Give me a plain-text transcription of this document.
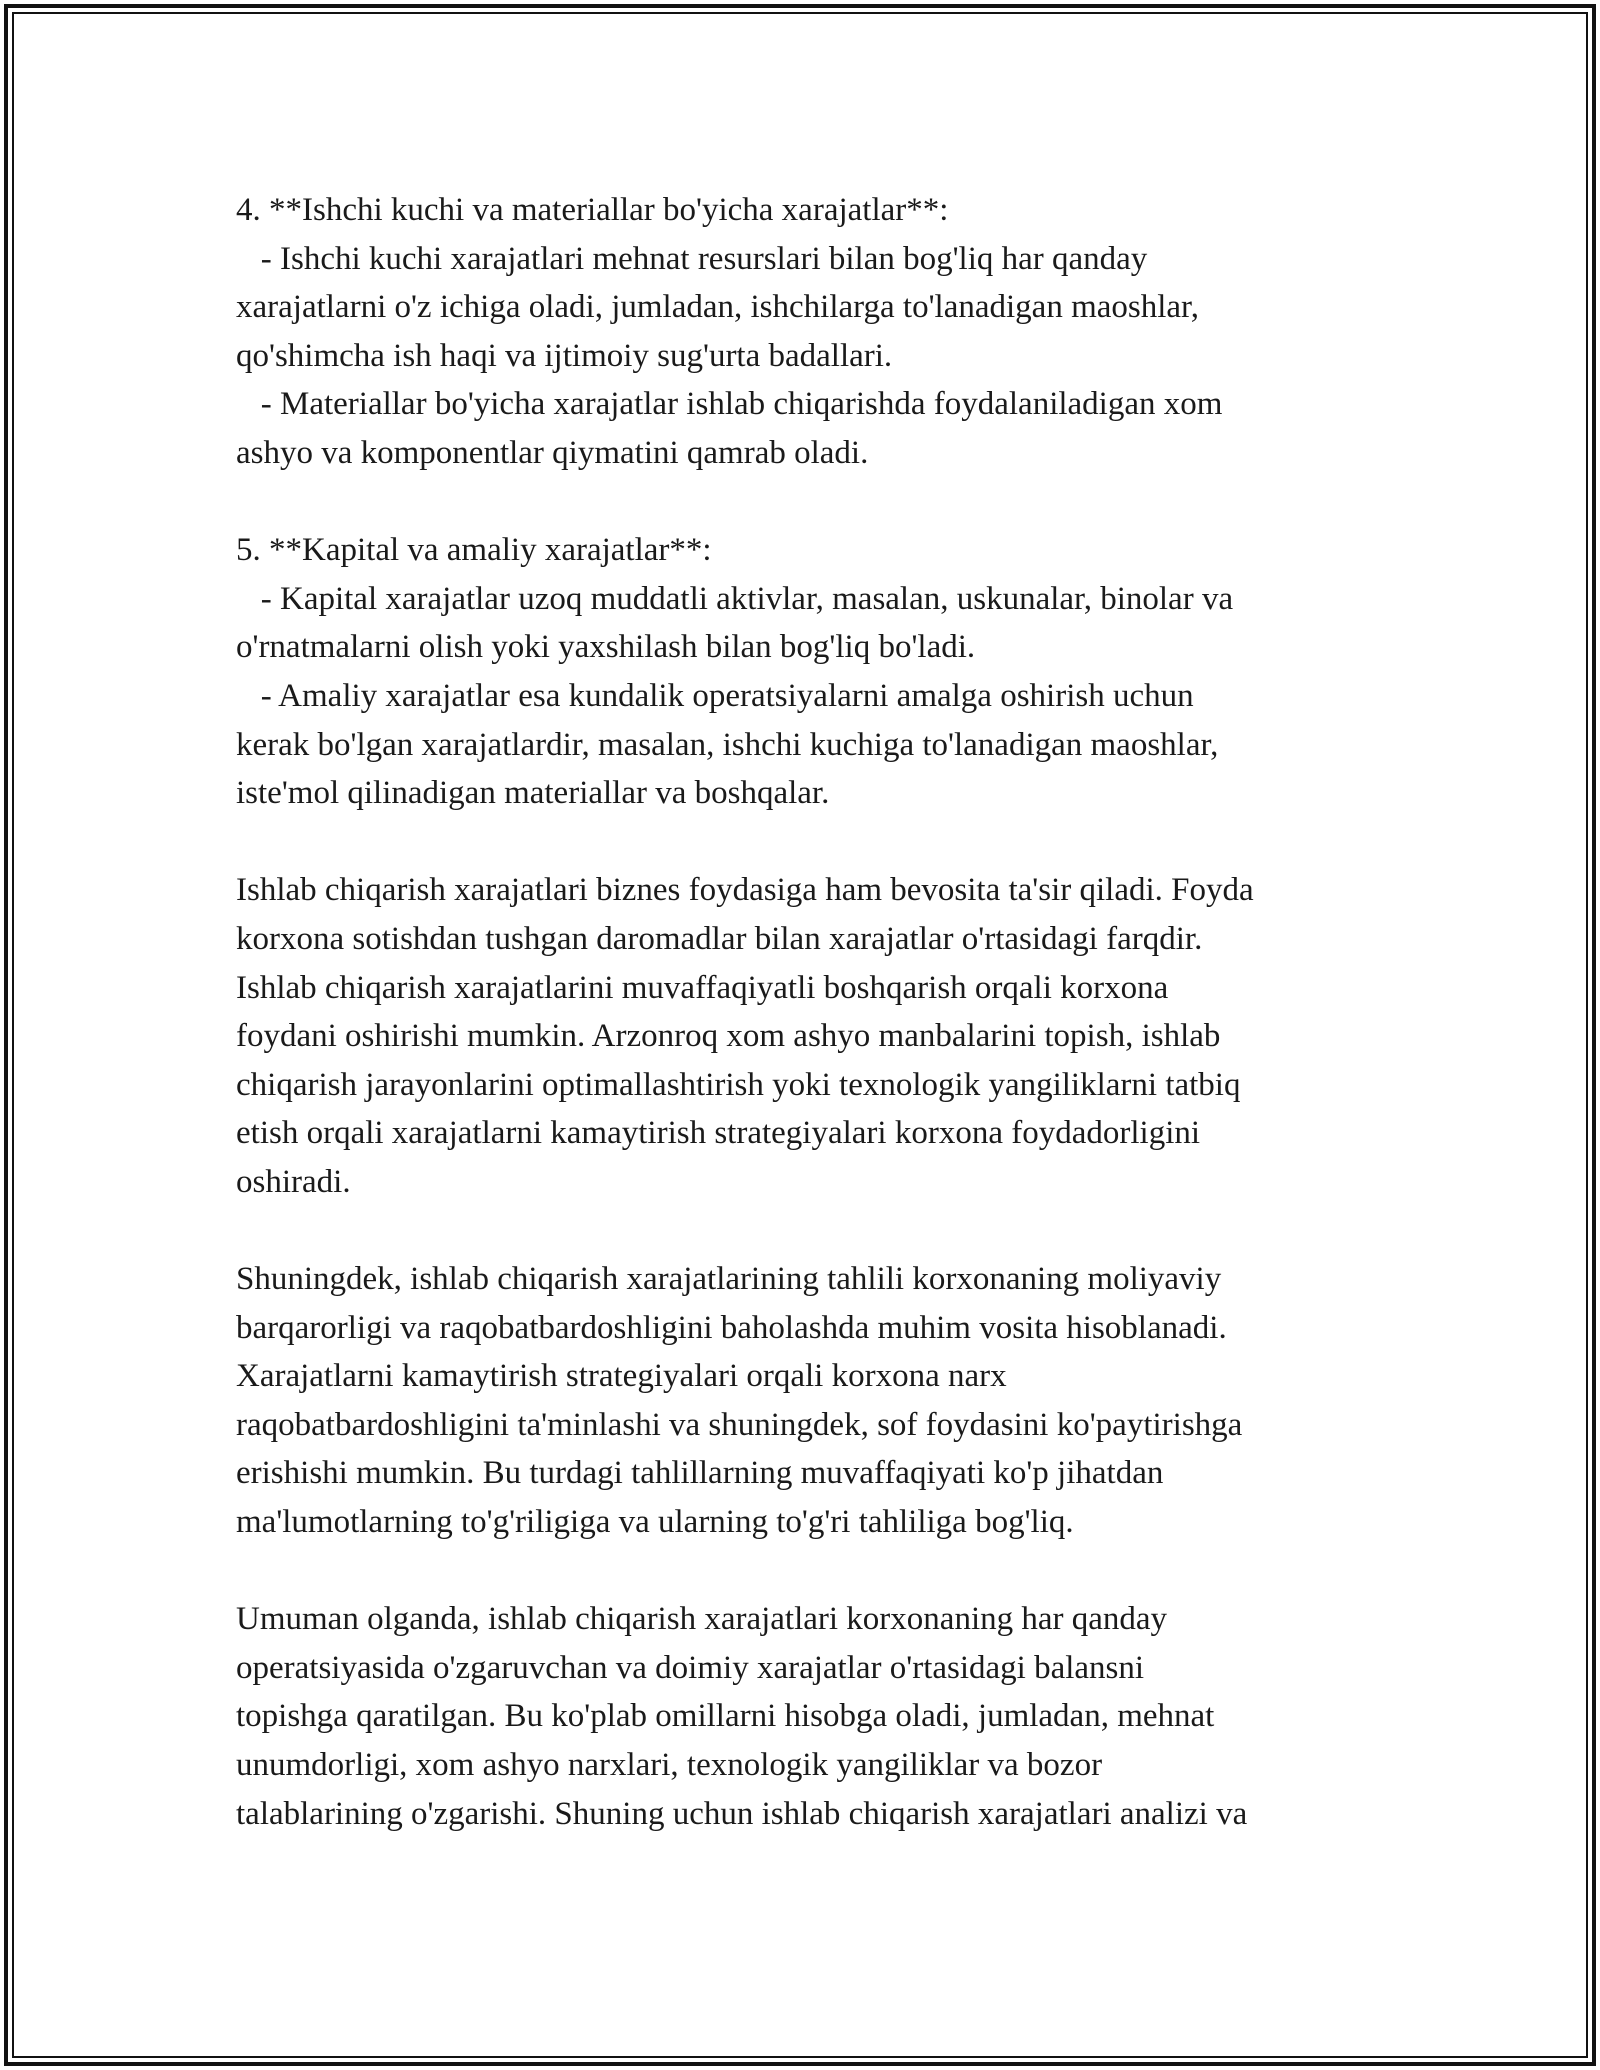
4. **Ishchi kuchi va materiallar bo'yicha xarajatlar**:
- Ishchi kuchi xarajatlari mehnat resurslari bilan bog'liq har qanday
xarajatlarni o'z ichiga oladi, jumladan, ishchilarga to'lanadigan maoshlar,
qo'shimcha ish haqi va ijtimoiy sug'urta badallari.
- Materiallar bo'yicha xarajatlar ishlab chiqarishda foydalaniladigan xom
ashyo va komponentlar qiymatini qamrab oladi.
5. **Kapital va amaliy xarajatlar**:
- Kapital xarajatlar uzoq muddatli aktivlar, masalan, uskunalar, binolar va
o'rnatmalarni olish yoki yaxshilash bilan bog'liq bo'ladi.
- Amaliy xarajatlar esa kundalik operatsiyalarni amalga oshirish uchun
kerak bo'lgan xarajatlardir, masalan, ishchi kuchiga to'lanadigan maoshlar,
iste'mol qilinadigan materiallar va boshqalar.
Ishlab chiqarish xarajatlari biznes foydasiga ham bevosita ta'sir qiladi. Foyda
korxona sotishdan tushgan daromadlar bilan xarajatlar o'rtasidagi farqdir.
Ishlab chiqarish xarajatlarini muvaffaqiyatli boshqarish orqali korxona
foydani oshirishi mumkin. Arzonroq xom ashyo manbalarini topish, ishlab
chiqarish jarayonlarini optimallashtirish yoki texnologik yangiliklarni tatbiq
etish orqali xarajatlarni kamaytirish strategiyalari korxona foydadorligini
oshiradi.
Shuningdek, ishlab chiqarish xarajatlarining tahlili korxonaning moliyaviy
barqarorligi va raqobatbardoshligini baholashda muhim vosita hisoblanadi.
Xarajatlarni kamaytirish strategiyalari orqali korxona narx
raqobatbardoshligini ta'minlashi va shuningdek, sof foydasini ko'paytirishga
erishishi mumkin. Bu turdagi tahlillarning muvaffaqiyati ko'p jihatdan
ma'lumotlarning to'g'riligiga va ularning to'g'ri tahliliga bog'liq.
Umuman olganda, ishlab chiqarish xarajatlari korxonaning har qanday
operatsiyasida o'zgaruvchan va doimiy xarajatlar o'rtasidagi balansni
topishga qaratilgan. Bu ko'plab omillarni hisobga oladi, jumladan, mehnat
unumdorligi, xom ashyo narxlari, texnologik yangiliklar va bozor
talablarining o'zgarishi. Shuning uchun ishlab chiqarish xarajatlari analizi va
